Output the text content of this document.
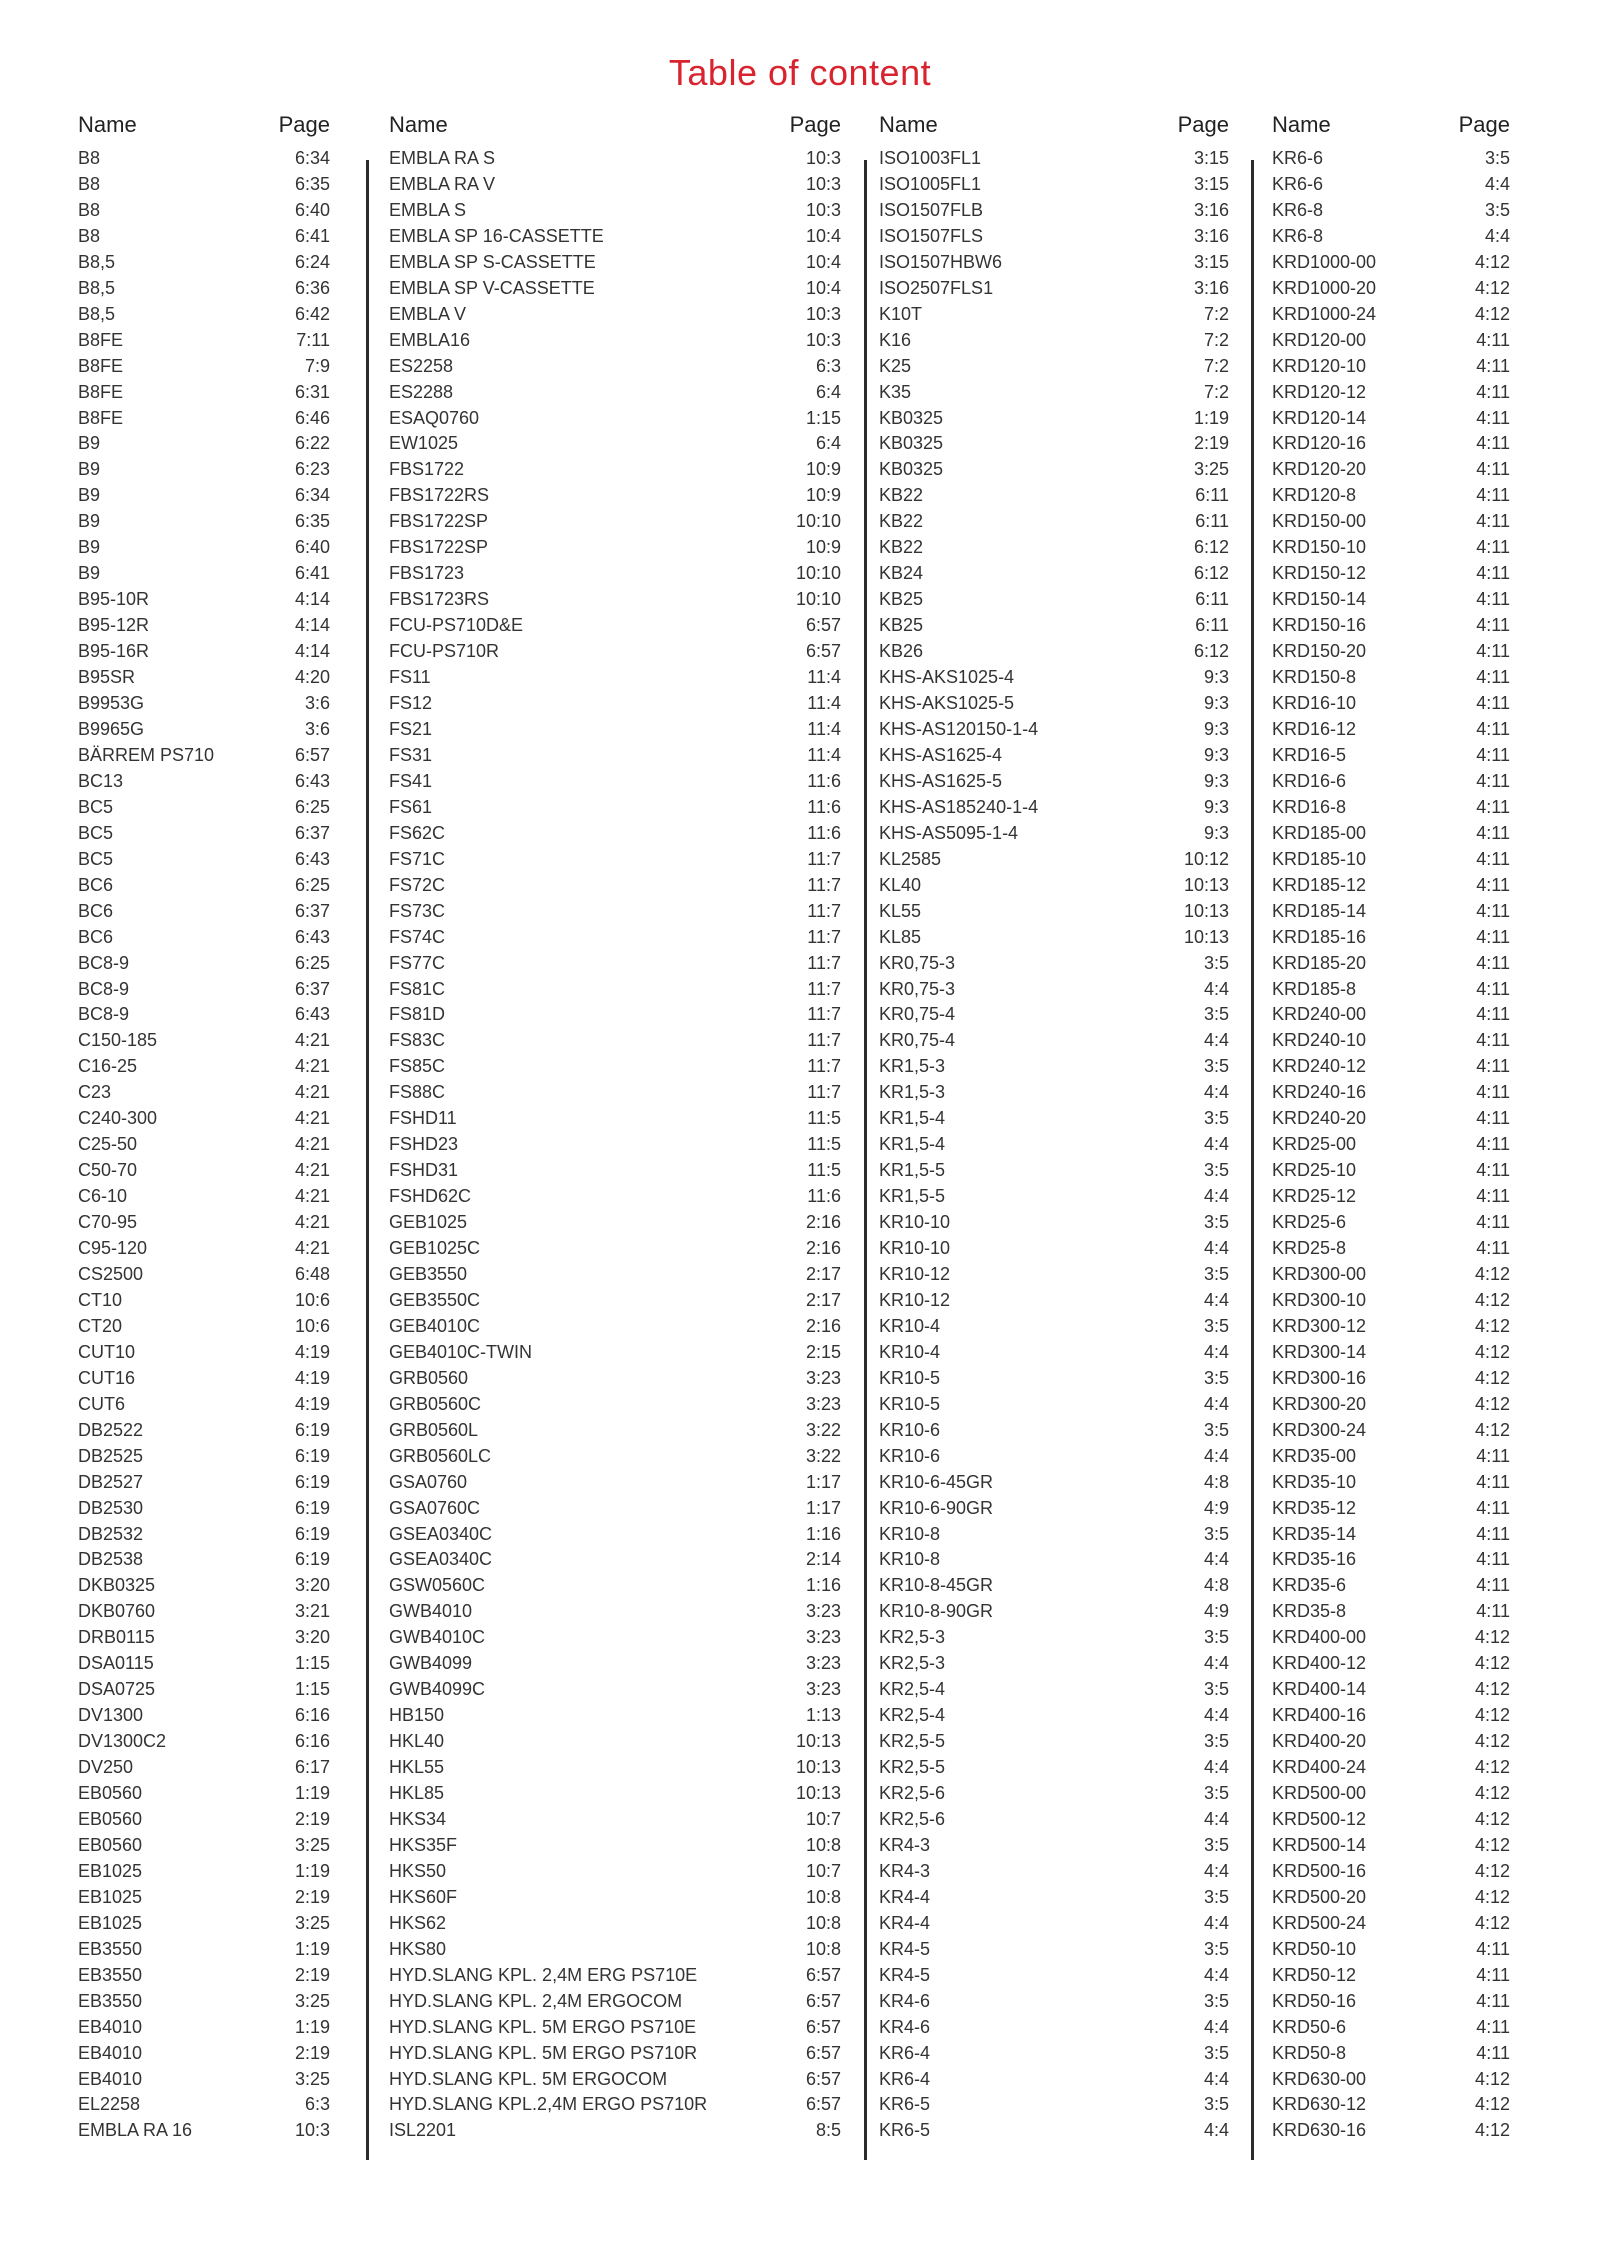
Table of content
Name	Page
B8	6:34
B8	6:35
B8	6:40
B8	6:41
B8,5	6:24
B8,5	6:36
B8,5	6:42
B8FE	7:11
B8FE	7:9
B8FE	6:31
B8FE	6:46
B9	6:22
B9	6:23
B9	6:34
B9	6:35
B9	6:40
B9	6:41
B95-10R	4:14
B95-12R	4:14
B95-16R	4:14
B95SR	4:20
B9953G	3:6
B9965G	3:6
BÄRREM PS710	6:57
BC13	6:43
BC5	6:25
BC5	6:37
BC5	6:43
BC6	6:25
BC6	6:37
BC6	6:43
BC8-9	6:25
BC8-9	6:37
BC8-9	6:43
C150-185	4:21
C16-25	4:21
C23	4:21
C240-300	4:21
C25-50	4:21
C50-70	4:21
C6-10	4:21
C70-95	4:21
C95-120	4:21
CS2500	6:48
CT10	10:6
CT20	10:6
CUT10	4:19
CUT16	4:19
CUT6	4:19
DB2522	6:19
DB2525	6:19
DB2527	6:19
DB2530	6:19
DB2532	6:19
DB2538	6:19
DKB0325	3:20
DKB0760	3:21
DRB0115	3:20
DSA0115	1:15
DSA0725	1:15
DV1300	6:16
DV1300C2	6:16
DV250	6:17
EB0560	1:19
EB0560	2:19
EB0560	3:25
EB1025	1:19
EB1025	2:19
EB1025	3:25
EB3550	1:19
EB3550	2:19
EB3550	3:25
EB4010	1:19
EB4010	2:19
EB4010	3:25
EL2258	6:3
EMBLA RA 16	10:3
Name	Page
EMBLA RA S	10:3
EMBLA RA V	10:3
EMBLA S	10:3
EMBLA SP 16-CASSETTE	10:4
EMBLA SP S-CASSETTE	10:4
EMBLA SP V-CASSETTE	10:4
EMBLA V	10:3
EMBLA16	10:3
ES2258	6:3
ES2288	6:4
ESAQ0760	1:15
EW1025	6:4
FBS1722	10:9
FBS1722RS	10:9
FBS1722SP	10:10
FBS1722SP	10:9
FBS1723	10:10
FBS1723RS	10:10
FCU-PS710D&E	6:57
FCU-PS710R	6:57
FS11	11:4
FS12	11:4
FS21	11:4
FS31	11:4
FS41	11:6
FS61	11:6
FS62C	11:6
FS71C	11:7
FS72C	11:7
FS73C	11:7
FS74C	11:7
FS77C	11:7
FS81C	11:7
FS81D	11:7
FS83C	11:7
FS85C	11:7
FS88C	11:7
FSHD11	11:5
FSHD23	11:5
FSHD31	11:5
FSHD62C	11:6
GEB1025	2:16
GEB1025C	2:16
GEB3550	2:17
GEB3550C	2:17
GEB4010C	2:16
GEB4010C-TWIN	2:15
GRB0560	3:23
GRB0560C	3:23
GRB0560L	3:22
GRB0560LC	3:22
GSA0760	1:17
GSA0760C	1:17
GSEA0340C	1:16
GSEA0340C	2:14
GSW0560C	1:16
GWB4010	3:23
GWB4010C	3:23
GWB4099	3:23
GWB4099C	3:23
HB150	1:13
HKL40	10:13
HKL55	10:13
HKL85	10:13
HKS34	10:7
HKS35F	10:8
HKS50	10:7
HKS60F	10:8
HKS62	10:8
HKS80	10:8
HYD.SLANG KPL. 2,4M ERG PS710E	6:57
HYD.SLANG KPL. 2,4M ERGOCOM	6:57
HYD.SLANG KPL. 5M ERGO PS710E	6:57
HYD.SLANG KPL. 5M ERGO PS710R	6:57
HYD.SLANG KPL. 5M ERGOCOM	6:57
HYD.SLANG KPL.2,4M ERGO PS710R	6:57
ISL2201	8:5
Name	Page
ISO1003FL1	3:15
ISO1005FL1	3:15
ISO1507FLB	3:16
ISO1507FLS	3:16
ISO1507HBW6	3:15
ISO2507FLS1	3:16
K10T	7:2
K16	7:2
K25	7:2
K35	7:2
KB0325	1:19
KB0325	2:19
KB0325	3:25
KB22	6:11
KB22	6:11
KB22	6:12
KB24	6:12
KB25	6:11
KB25	6:11
KB26	6:12
KHS-AKS1025-4	9:3
KHS-AKS1025-5	9:3
KHS-AS120150-1-4	9:3
KHS-AS1625-4	9:3
KHS-AS1625-5	9:3
KHS-AS185240-1-4	9:3
KHS-AS5095-1-4	9:3
KL2585	10:12
KL40	10:13
KL55	10:13
KL85	10:13
KR0,75-3	3:5
KR0,75-3	4:4
KR0,75-4	3:5
KR0,75-4	4:4
KR1,5-3	3:5
KR1,5-3	4:4
KR1,5-4	3:5
KR1,5-4	4:4
KR1,5-5	3:5
KR1,5-5	4:4
KR10-10	3:5
KR10-10	4:4
KR10-12	3:5
KR10-12	4:4
KR10-4	3:5
KR10-4	4:4
KR10-5	3:5
KR10-5	4:4
KR10-6	3:5
KR10-6	4:4
KR10-6-45GR	4:8
KR10-6-90GR	4:9
KR10-8	3:5
KR10-8	4:4
KR10-8-45GR	4:8
KR10-8-90GR	4:9
KR2,5-3	3:5
KR2,5-3	4:4
KR2,5-4	3:5
KR2,5-4	4:4
KR2,5-5	3:5
KR2,5-5	4:4
KR2,5-6	3:5
KR2,5-6	4:4
KR4-3	3:5
KR4-3	4:4
KR4-4	3:5
KR4-4	4:4
KR4-5	3:5
KR4-5	4:4
KR4-6	3:5
KR4-6	4:4
KR6-4	3:5
KR6-4	4:4
KR6-5	3:5
KR6-5	4:4
Name	Page
KR6-6	3:5
KR6-6	4:4
KR6-8	3:5
KR6-8	4:4
KRD1000-00	4:12
KRD1000-20	4:12
KRD1000-24	4:12
KRD120-00	4:11
KRD120-10	4:11
KRD120-12	4:11
KRD120-14	4:11
KRD120-16	4:11
KRD120-20	4:11
KRD120-8	4:11
KRD150-00	4:11
KRD150-10	4:11
KRD150-12	4:11
KRD150-14	4:11
KRD150-16	4:11
KRD150-20	4:11
KRD150-8	4:11
KRD16-10	4:11
KRD16-12	4:11
KRD16-5	4:11
KRD16-6	4:11
KRD16-8	4:11
KRD185-00	4:11
KRD185-10	4:11
KRD185-12	4:11
KRD185-14	4:11
KRD185-16	4:11
KRD185-20	4:11
KRD185-8	4:11
KRD240-00	4:11
KRD240-10	4:11
KRD240-12	4:11
KRD240-16	4:11
KRD240-20	4:11
KRD25-00	4:11
KRD25-10	4:11
KRD25-12	4:11
KRD25-6	4:11
KRD25-8	4:11
KRD300-00	4:12
KRD300-10	4:12
KRD300-12	4:12
KRD300-14	4:12
KRD300-16	4:12
KRD300-20	4:12
KRD300-24	4:12
KRD35-00	4:11
KRD35-10	4:11
KRD35-12	4:11
KRD35-14	4:11
KRD35-16	4:11
KRD35-6	4:11
KRD35-8	4:11
KRD400-00	4:12
KRD400-12	4:12
KRD400-14	4:12
KRD400-16	4:12
KRD400-20	4:12
KRD400-24	4:12
KRD500-00	4:12
KRD500-12	4:12
KRD500-14	4:12
KRD500-16	4:12
KRD500-20	4:12
KRD500-24	4:12
KRD50-10	4:11
KRD50-12	4:11
KRD50-16	4:11
KRD50-6	4:11
KRD50-8	4:11
KRD630-00	4:12
KRD630-12	4:12
KRD630-16	4:12
